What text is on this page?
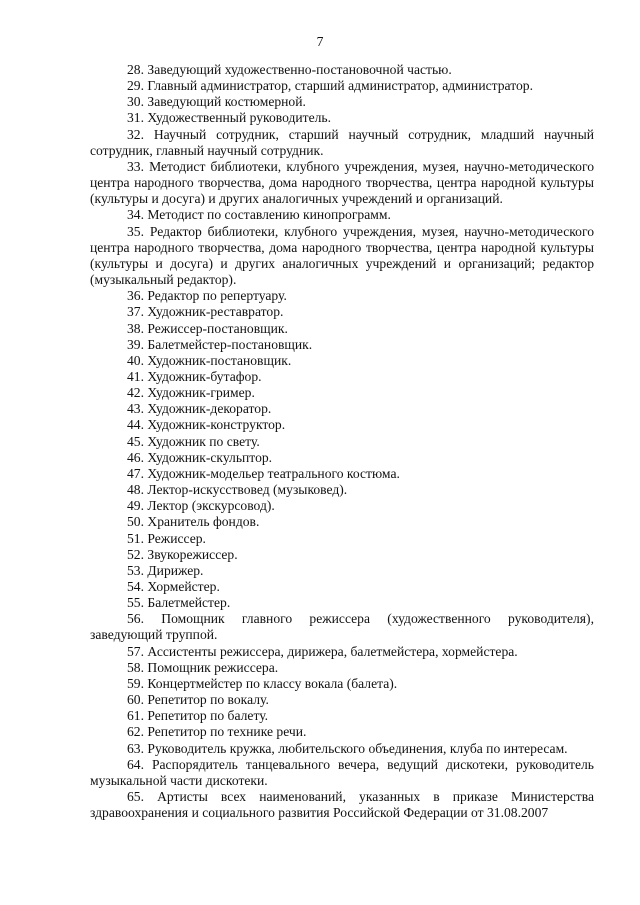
7

28. Заведующий художественно-постановочной частью.

29. Главный администратор, старший администратор, администратор.

30. Заведующий костюмерной.

31. Художественный руководитель.

32. Научный сотрудник, старший научный сотрудник, младший научный сотрудник, главный научный сотрудник.

33. Методист библиотеки, клубного учреждения, музея, научно-методического центра народного творчества, дома народного творчества, центра народной культуры (культуры и досуга) и других аналогичных учреждений и организаций.

34. Методист по составлению кинопрограмм.

35. Редактор библиотеки, клубного учреждения, музея, научно-методического центра народного творчества, дома народного творчества, центра народной культуры (культуры и досуга) и других аналогичных учреждений и организаций; редактор (музыкальный редактор).

36. Редактор по репертуару.

37. Художник-реставратор.

38. Режиссер-постановщик.

39. Балетмейстер-постановщик.

40. Художник-постановщик.

41. Художник-бутафор.

42. Художник-гример.

43. Художник-декоратор.

44. Художник-конструктор.

45. Художник по свету.

46. Художник-скульптор.

47. Художник-модельер театрального костюма.

48. Лектор-искусствовед (музыковед).

49. Лектор (экскурсовод).

50. Хранитель фондов.

51. Режиссер.

52. Звукорежиссер.

53. Дирижер.

54. Хормейстер.

55. Балетмейстер.

56. Помощник главного режиссера (художественного руководителя), заведующий труппой.

57. Ассистенты режиссера, дирижера, балетмейстера, хормейстера.

58. Помощник режиссера.

59. Концертмейстер по классу вокала (балета).

60. Репетитор по вокалу.

61. Репетитор по балету.

62. Репетитор по технике речи.

63. Руководитель кружка, любительского объединения, клуба по интересам.

64. Распорядитель танцевального вечера, ведущий дискотеки, руководитель музыкальной части дискотеки.

65. Артисты всех наименований, указанных в приказе Министерства здравоохранения и социального развития Российской Федерации от 31.08.2007
